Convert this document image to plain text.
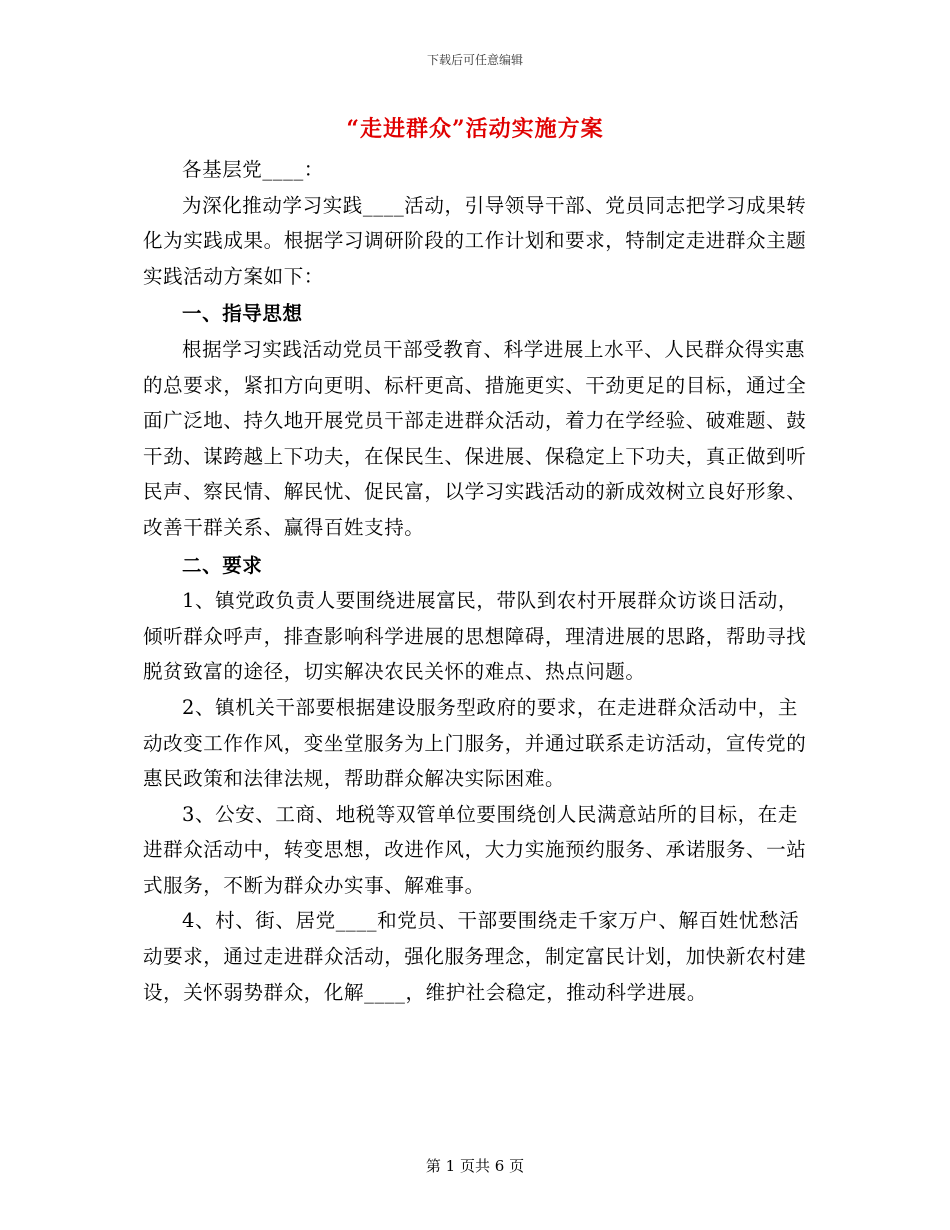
下载后可任意编辑
“走进群众”活动实施方案

各基层党____：

为深化推动学习实践____活动，引导领导干部、党员同志把学习成果转化为实践成果。根据学习调研阶段的工作计划和要求，特制定走进群众主题实践活动方案如下：

一、指导思想

根据学习实践活动党员干部受教育、科学进展上水平、人民群众得实惠的总要求，紧扣方向更明、标杆更高、措施更实、干劲更足的目标，通过全面广泛地、持久地开展党员干部走进群众活动，着力在学经验、破难题、鼓干劲、谋跨越上下功夫，在保民生、保进展、保稳定上下功夫，真正做到听民声、察民情、解民忧、促民富，以学习实践活动的新成效树立良好形象、改善干群关系、赢得百姓支持。

二、要求

1、镇党政负责人要围绕进展富民，带队到农村开展群众访谈日活动，倾听群众呼声，排查影响科学进展的思想障碍，理清进展的思路，帮助寻找脱贫致富的途径，切实解决农民关怀的难点、热点问题。

2、镇机关干部要根据建设服务型政府的要求，在走进群众活动中，主动改变工作作风，变坐堂服务为上门服务，并通过联系走访活动，宣传党的惠民政策和法律法规，帮助群众解决实际困难。

3、公安、工商、地税等双管单位要围绕创人民满意站所的目标，在走进群众活动中，转变思想，改进作风，大力实施预约服务、承诺服务、一站式服务，不断为群众办实事、解难事。

4、村、街、居党____和党员、干部要围绕走千家万户、解百姓忧愁活动要求，通过走进群众活动，强化服务理念，制定富民计划，加快新农村建设，关怀弱势群众，化解____，维护社会稳定，推动科学进展。

第 1 页共 6 页
